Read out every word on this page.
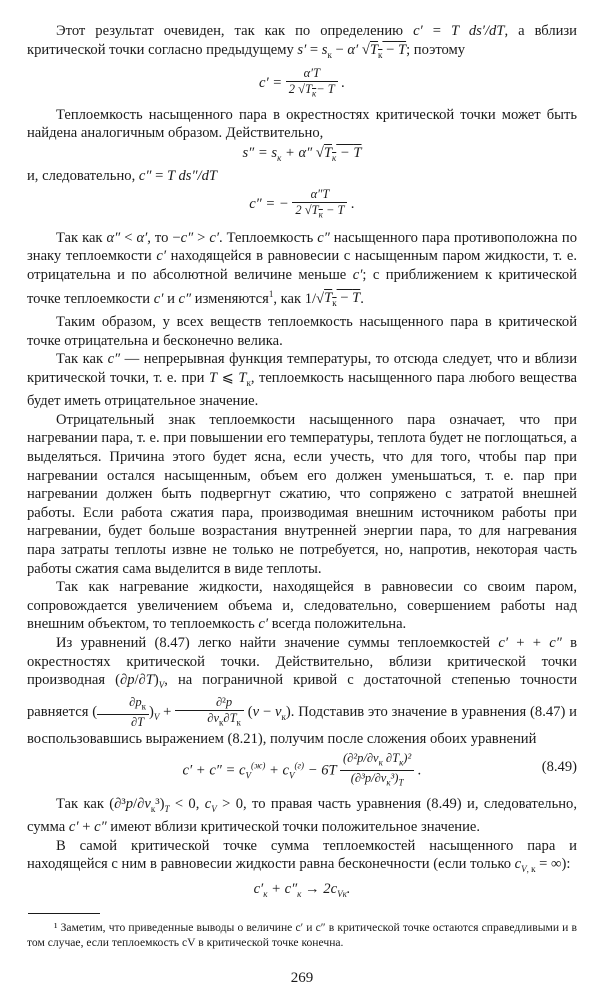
Этот результат очевиден, так как по определению c′ = T ds′/dT, а вблизи критической точки согласно предыдущему $s' = s_к - \alpha'$ $√T_к - T$; поэтому

$c' = \frac{\alpha'T}{2 √T_к- T}$ .

Теплоемкость насыщенного пара в окрестностях критической точки может быть найдена аналогичным образом. Действительно,

$s'' = s_к + \alpha''$ $√T_к - T$

и, следовательно, c″ = T ds″/dT

c″ = − $\frac{\alpha''T}{2 √T_к - T}$ .

Так как α″ < α′, то −c″ > c′. Теплоемкость c″ насыщенного пара противоположна по знаку теплоемкости c′ находящейся в равновесии с насыщенным паром жидкости, т. е. отрицательна и по абсолютной величине меньше c′; с приближением к критической точке теплоемкости c′ и c″ изменяются$^1$, как $1/√T_к - T$.

Таким образом, у всех веществ теплоемкость насыщенного пара в критической точке отрицательна и бесконечно велика.

Так как c″ — непрерывная функция температуры, то отсюда следует, что и вблизи критической точки, т. е. при T ⩽ $T_к$, теплоемкость насыщенного пара любого вещества будет иметь отрицательное значение.

Отрицательный знак теплоемкости насыщенного пара означает, что при нагревании пара, т. е. при повышении его температуры, теплота будет не поглощаться, а выделяться. Причина этого будет ясна, если учесть, что для того, чтобы пар при нагревании остался насыщенным, объем его должен уменьшаться, т. е. пар при нагревании должен быть подвергнут сжатию, что сопряжено с затратой внешней работы. Если работа сжатия пара, производимая внешним источником работы при нагревании, будет больше возрастания внутренней энергии пара, то для нагревания пара затраты теплоты извне не только не потребуется, но, напротив, некоторая часть работы сжатия сама выделится в виде теплоты.

Так как нагревание жидкости, находящейся в равновесии со своим паром, сопровождается увеличением объема и, следовательно, совершением работы над внешним объектом, то теплоемкость c′ всегда положительна.

Из уравнений (8.47) легко найти значение суммы теплоемкостей c′ + + c″ в окрестностях критической точки. Действительно, вблизи критической точки производная $(\partial p/\partial T)_V$, на пограничной кривой с достаточной степенью точности равняется ( $\frac{\partial p_к}{\partial T} )_V + \frac{\text{∂²p}}{\partial v_к\partial T_к} (v - v_к)$. Подставив это значение в уравнения (8.47) и воспользовавшись выражением (8.21), получим после сложения обоих уравнений

$c' + c'' = c_V^{(ж)} + c_V^{(г)} - 6T \frac{(\partial^2p/\partial v_к \partial T_к)^2}{(\partial^3p/\partial v_к^3)_T}$ .	(8.49)

Так как $(\partial^3p/\partial v_к^3)_T < 0$, $c_V > 0$, то правая часть уравнения (8.49) и, следовательно, сумма c′ + c″ имеют вблизи критической точки положительное значение.

В самой критической точке сумма теплоемкостей насыщенного пара и находящейся с ним в равновесии жидкости равна бесконечности (если только $c_{V, к}$ = ∞):

$c'_к + c''_к \to 2c_{Vк}$.

¹ Заметим, что приведенные выводы о величине c′ и c″ в критической точке остаются справедливыми и в том случае, если теплоемкость cV в критической точке конечна.

269
